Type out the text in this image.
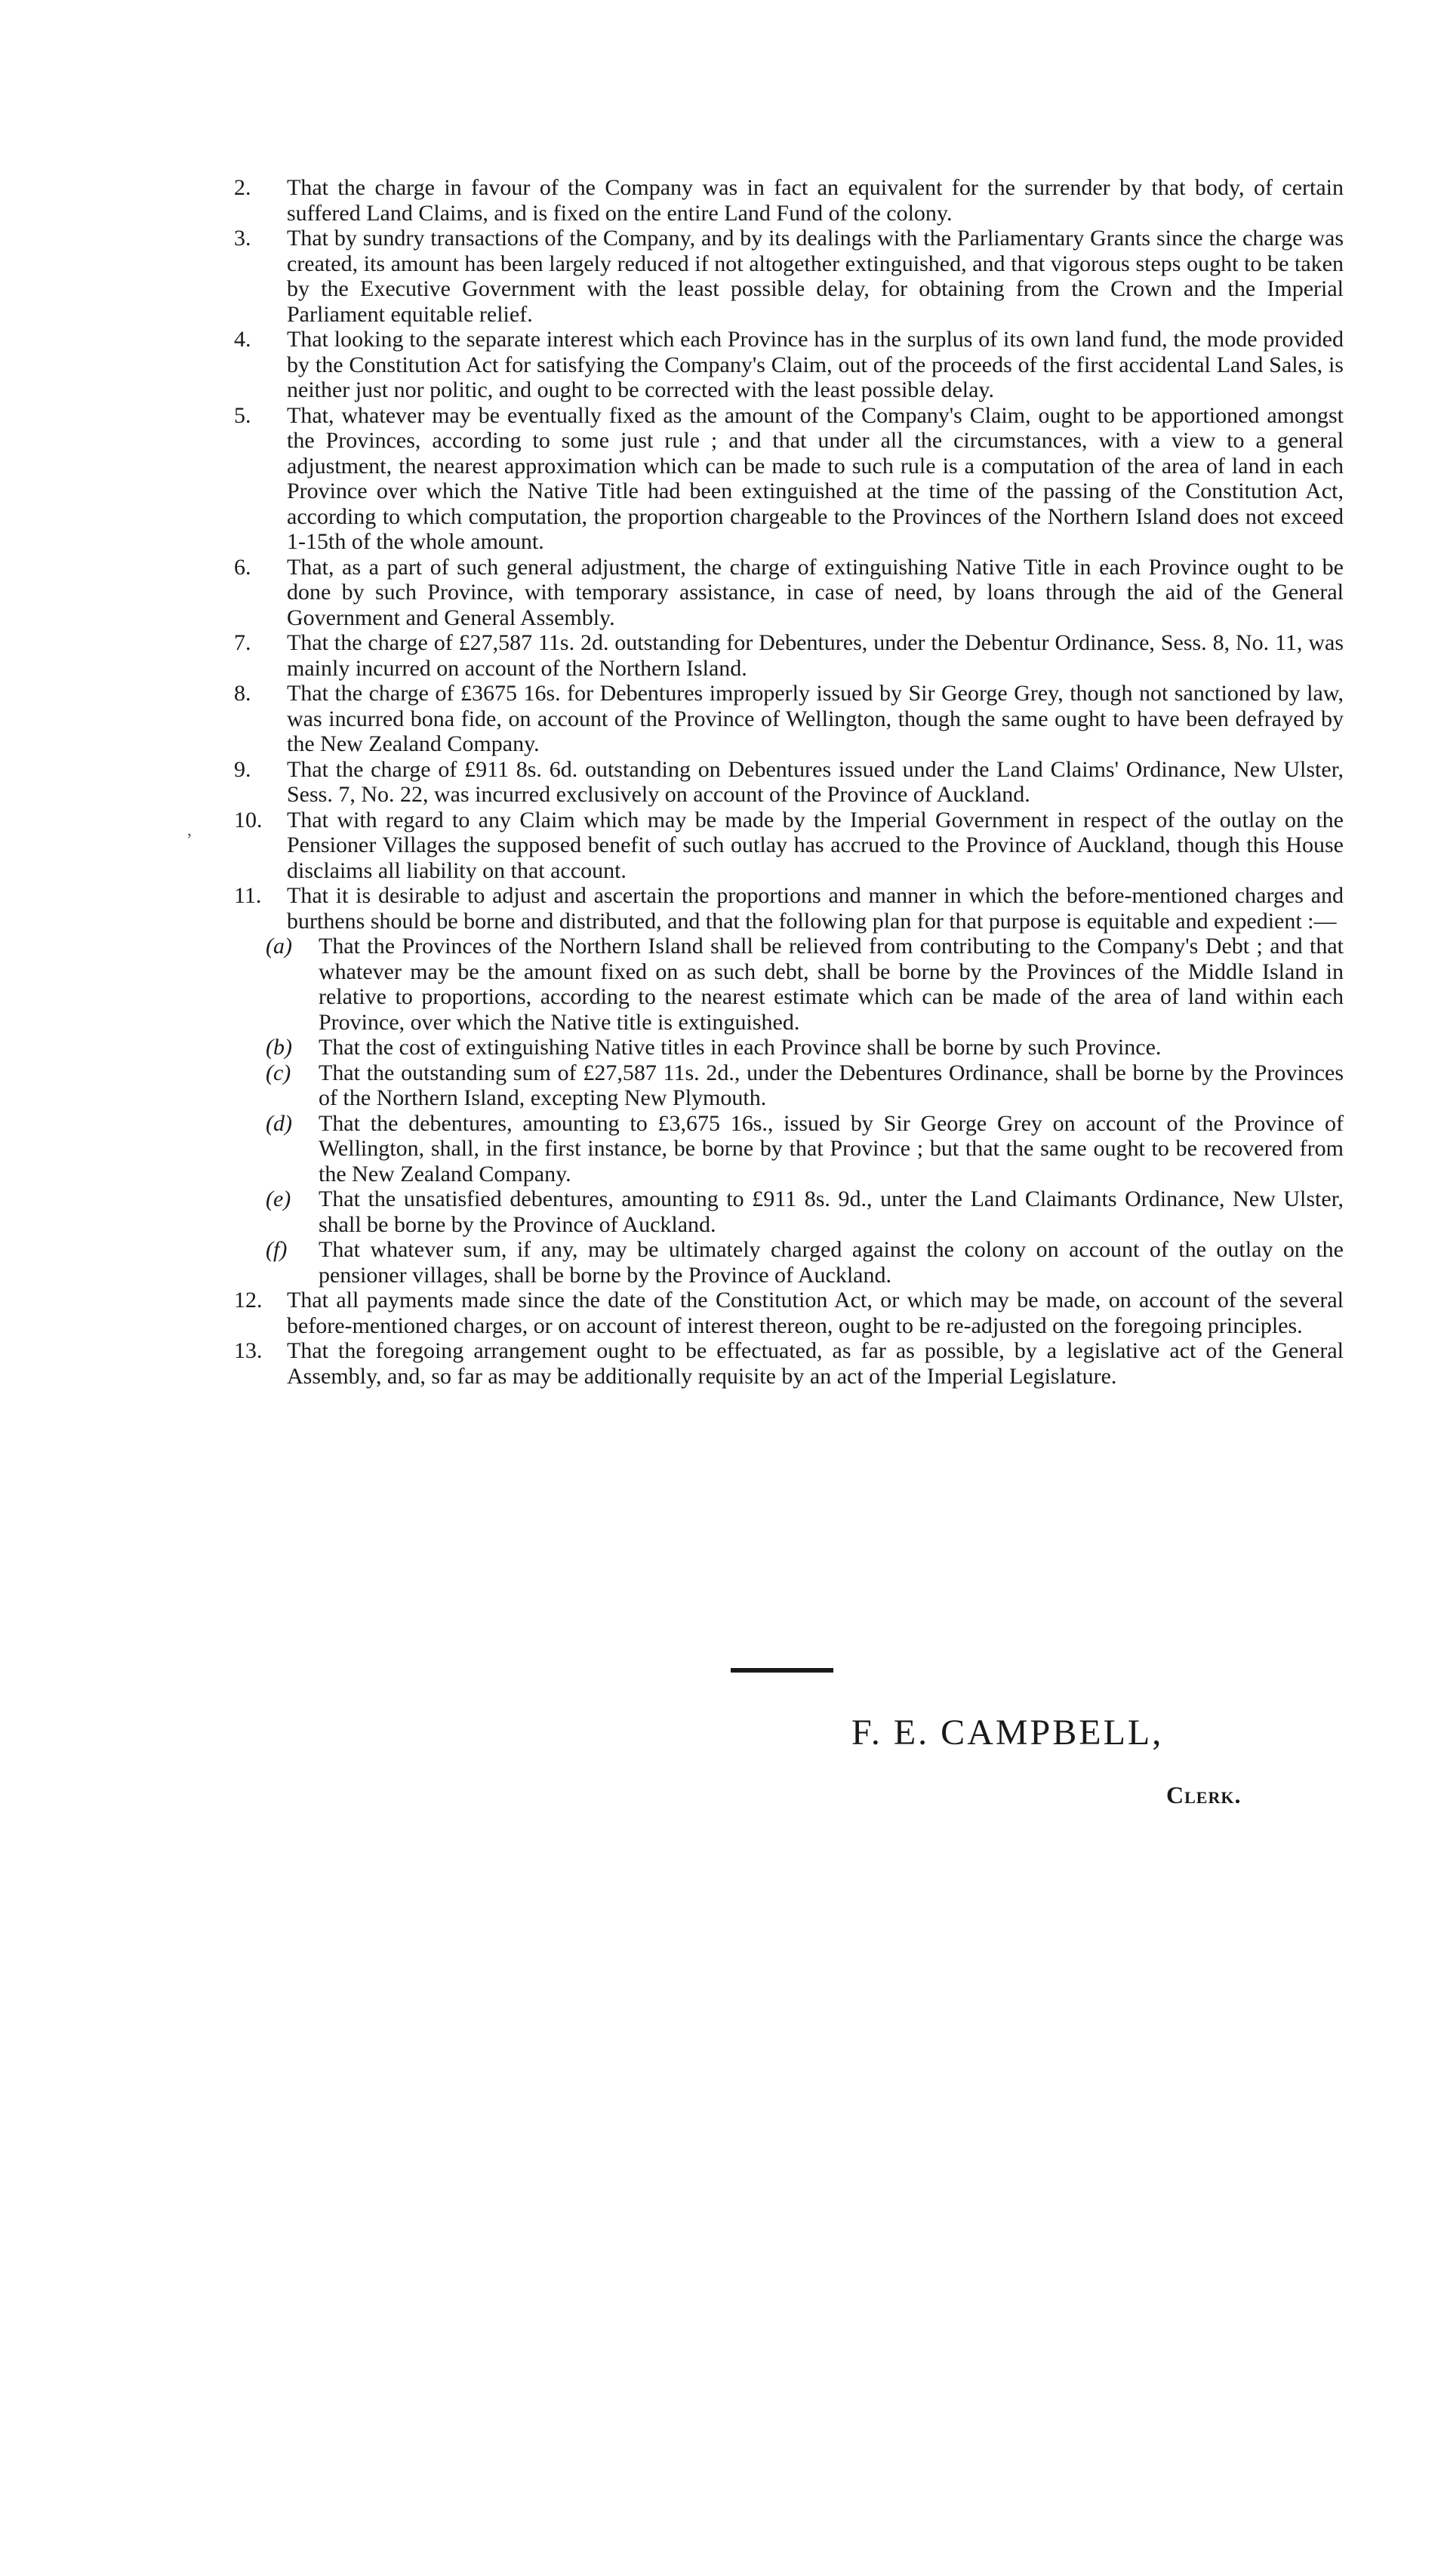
2.	That the charge in favour of the Company was in fact an equivalent for the surrender by that body, of certain suffered Land Claims, and is fixed on the entire Land Fund of the colony.

3.	That by sundry transactions of the Company, and by its dealings with the Parliamentary Grants since the charge was created, its amount has been largely reduced if not altogether extinguished, and that vigorous steps ought to be taken by the Executive Government with the least possible delay, for obtaining from the Crown and the Imperial Parliament equitable relief.

4.	That looking to the separate interest which each Province has in the surplus of its own land fund, the mode provided by the Constitution Act for satisfying the Company's Claim, out of the proceeds of the first accidental Land Sales, is neither just nor politic, and ought to be corrected with the least possible delay.

5.	That, whatever may be eventually fixed as the amount of the Company's Claim, ought to be apportioned amongst the Provinces, according to some just rule ; and that under all the circumstances, with a view to a general adjustment, the nearest approximation which can be made to such rule is a computation of the area of land in each Province over which the Native Title had been extinguished at the time of the passing of the Constitution Act, according to which computation, the proportion chargeable to the Provinces of the Northern Island does not exceed 1-15th of the whole amount.

6.	That, as a part of such general adjustment, the charge of extinguishing Native Title in each Province ought to be done by such Province, with temporary assistance, in case of need, by loans through the aid of the General Government and General Assembly.

7.	That the charge of £27,587 11s. 2d. outstanding for Debentures, under the Debentur Ordinance, Sess. 8, No. 11, was mainly incurred on account of the Northern Island.

8.	That the charge of £3675 16s. for Debentures improperly issued by Sir George Grey, though not sanctioned by law, was incurred bona fide, on account of the Province of Wellington, though the same ought to have been defrayed by the New Zealand Company.

9.	That the charge of £911 8s. 6d. outstanding on Debentures issued under the Land Claims' Ordinance, New Ulster, Sess. 7, No. 22, was incurred exclusively on account of the Province of Auckland.

10.	That with regard to any Claim which may be made by the Imperial Government in respect of the outlay on the Pensioner Villages the supposed benefit of such outlay has accrued to the Province of Auckland, though this House disclaims all liability on that account.

11.	That it is desirable to adjust and ascertain the proportions and manner in which the before-mentioned charges and burthens should be borne and distributed, and that the following plan for that purpose is equitable and expedient :—

(a) That the Provinces of the Northern Island shall be relieved from contributing to the Company's Debt ; and that whatever may be the amount fixed on as such debt, shall be borne by the Provinces of the Middle Island in relative to proportions, according to the nearest estimate which can be made of the area of land within each Province, over which the Native title is extinguished.

(b) That the cost of extinguishing Native titles in each Province shall be borne by such Province.

(c) That the outstanding sum of £27,587 11s. 2d., under the Debentures Ordinance, shall be borne by the Provinces of the Northern Island, excepting New Plymouth.

(d) That the debentures, amounting to £3,675 16s., issued by Sir George Grey on account of the Province of Wellington, shall, in the first instance, be borne by that Province ; but that the same ought to be recovered from the New Zealand Company.

(e) That the unsatisfied debentures, amounting to £911 8s. 9d., unter the Land Claimants Ordinance, New Ulster, shall be borne by the Province of Auckland.

(f) That whatever sum, if any, may be ultimately charged against the colony on account of the outlay on the pensioner villages, shall be borne by the Province of Auckland.

12.	That all payments made since the date of the Constitution Act, or which may be made, on account of the several before-mentioned charges, or on account of interest thereon, ought to be re-adjusted on the foregoing principles.

13.	That the foregoing arrangement ought to be effectuated, as far as possible, by a legislative act of the General Assembly, and, so far as may be additionally requisite by an act of the Imperial Legislature.

,
F. E. CAMPBELL,
Clerk.
